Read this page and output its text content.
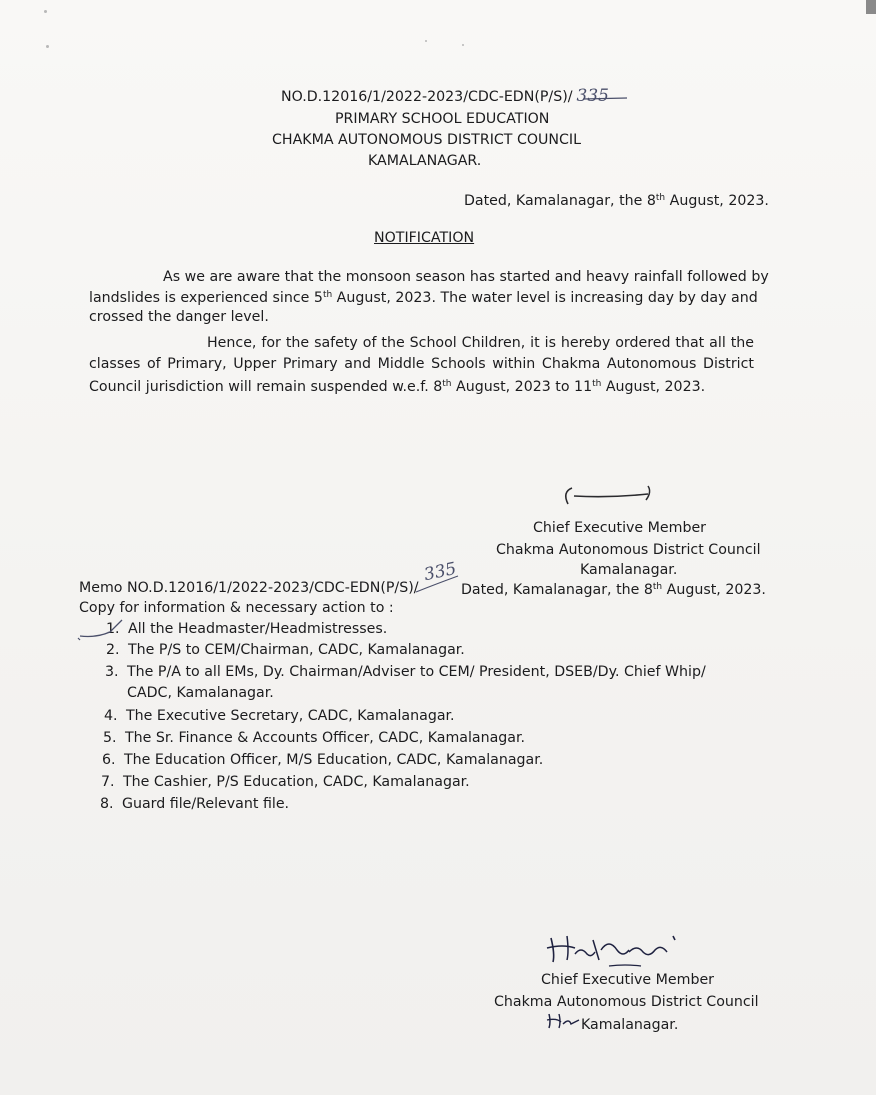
NO.D.12016/1/2022-2023/CDC-EDN(P/S)/ 335
PRIMARY SCHOOL EDUCATION
CHAKMA AUTONOMOUS DISTRICT COUNCIL
KAMALANAGAR.
Dated, Kamalanagar, the 8th August, 2023.
NOTIFICATION
As we are aware that the monsoon season has started and heavy rainfall followed by
landslides is experienced since 5th August, 2023. The water level is increasing day by day and
crossed the danger level.
Hence, for the safety of the School Children, it is hereby ordered that all the
classes of Primary, Upper Primary and Middle Schools within Chakma Autonomous District
Council jurisdiction will remain suspended w.e.f. 8th August, 2023 to 11th August, 2023.
Chief Executive Member
Chakma Autonomous District Council
Kamalanagar.
Memo NO.D.12016/1/2022-2023/CDC-EDN(P/S)/
335
Dated, Kamalanagar, the 8th August, 2023.
Copy for information & necessary action to :
1. All the Headmaster/Headmistresses.
2. The P/S to CEM/Chairman, CADC, Kamalanagar.
3. The P/A to all EMs, Dy. Chairman/Adviser to CEM/ President, DSEB/Dy. Chief Whip/
CADC, Kamalanagar.
4. The Executive Secretary, CADC, Kamalanagar.
5. The Sr. Finance & Accounts Officer, CADC, Kamalanagar.
6. The Education Officer, M/S Education, CADC, Kamalanagar.
7. The Cashier, P/S Education, CADC, Kamalanagar.
8. Guard file/Relevant file.
Chief Executive Member
Chakma Autonomous District Council
Kamalanagar.
